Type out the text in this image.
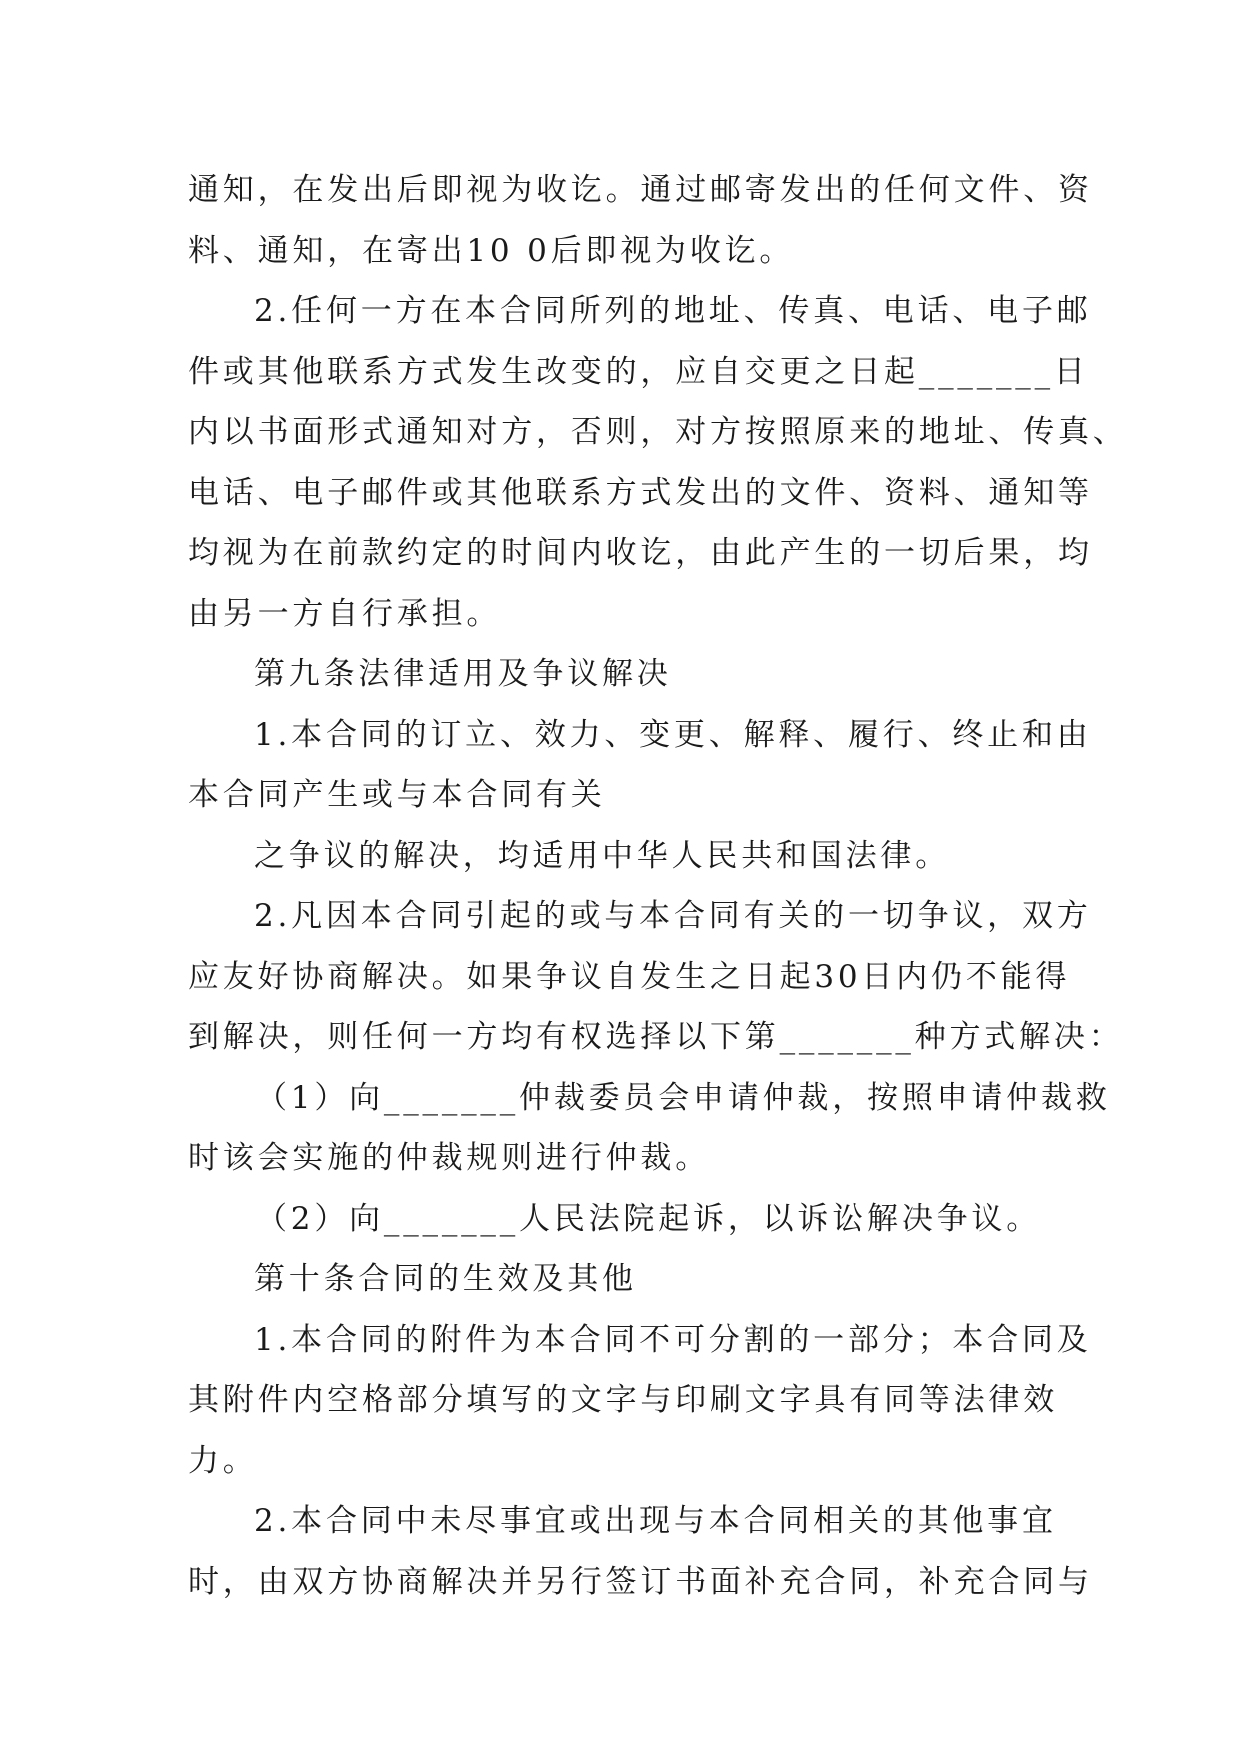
通知，在发出后即视为收讫。通过邮寄发出的任何文件、资
料、通知，在寄出10 0后即视为收讫。
2.任何一方在本合同所列的地址、传真、电话、电子邮
件或其他联系方式发生改变的，应自交更之日起_______日
内以书面形式通知对方，否则，对方按照原来的地址、传真、
电话、电子邮件或其他联系方式发出的文件、资料、通知等
均视为在前款约定的时间内收讫，由此产生的一切后果，均
由另一方自行承担。
第九条法律适用及争议解决
1.本合同的订立、效力、变更、解释、履行、终止和由
本合同产生或与本合同有关
之争议的解决，均适用中华人民共和国法律。
2.凡因本合同引起的或与本合同有关的一切争议，双方
应友好协商解决。如果争议自发生之日起30日内仍不能得
到解决，则任何一方均有权选择以下第_______种方式解决：
（1）向_______仲裁委员会申请仲裁，按照申请仲裁救
时该会实施的仲裁规则进行仲裁。
（2）向_______人民法院起诉，以诉讼解决争议。
第十条合同的生效及其他
1.本合同的附件为本合同不可分割的一部分；本合同及
其附件内空格部分填写的文字与印刷文字具有同等法律效
力。
2.本合同中未尽事宜或出现与本合同相关的其他事宜
时，由双方协商解决并另行签订书面补充合同，补充合同与
